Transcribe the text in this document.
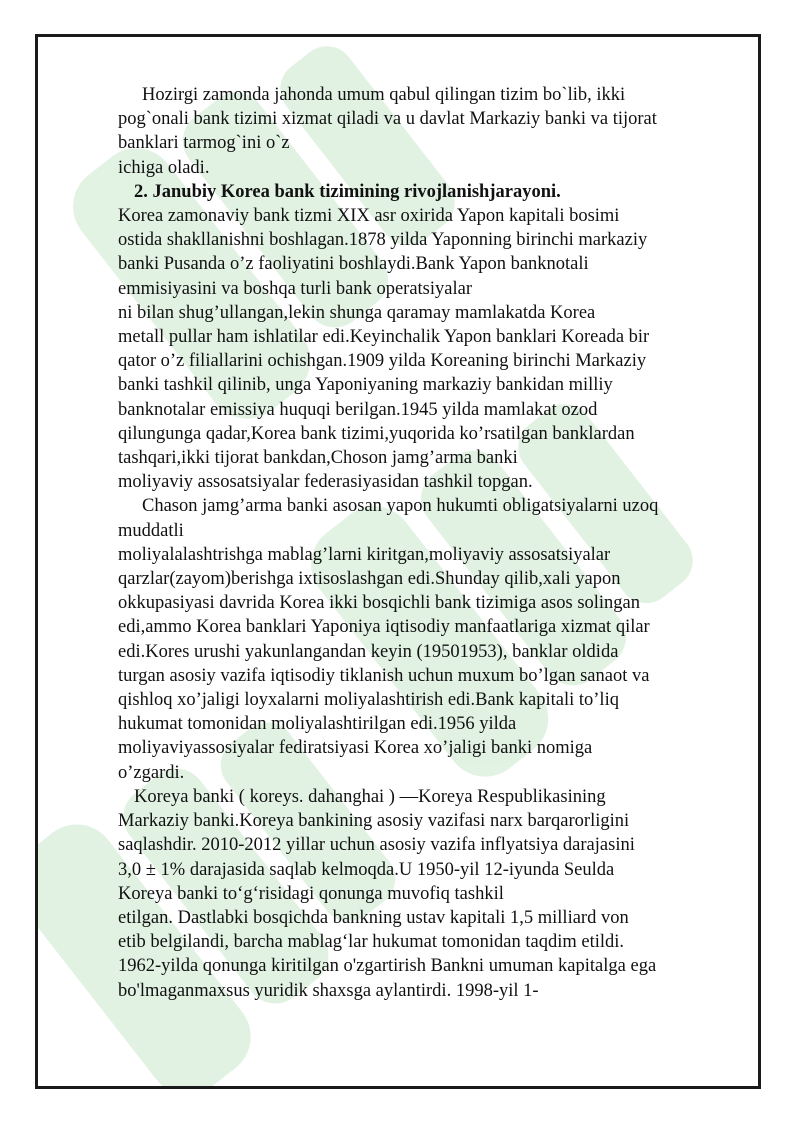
Hozirgi zamonda jahonda umum qabul qilingan tizim bo`lib, ikki
pog`onali bank tizimi xizmat qiladi va u davlat Markaziy banki va tijorat
banklari tarmog`ini o`z
ichiga oladi.
2. Janubiy Korea bank tizimining rivojlanishjarayoni.
Korea zamonaviy bank tizmi XIX asr oxirida Yapon kapitali bosimi
ostida shakllanishni boshlagan.1878 yilda Yaponning birinchi markaziy
banki Pusanda o’z faoliyatini boshlaydi.Bank Yapon banknotali
emmisiyasini va boshqa turli bank operatsiyalar
ni bilan shug’ullangan,lekin shunga qaramay mamlakatda Korea
metall pullar ham ishlatilar edi.Keyinchalik Yapon banklari Koreada bir
qator o’z filiallarini ochishgan.1909 yilda Koreaning birinchi Markaziy
banki tashkil qilinib, unga Yaponiyaning markaziy bankidan milliy
banknotalar emissiya huquqi berilgan.1945 yilda mamlakat ozod
qilungunga qadar,Korea bank tizimi,yuqorida ko’rsatilgan banklardan
tashqari,ikki tijorat bankdan,Choson jamg’arma banki
moliyaviy assosatsiyalar federasiyasidan tashkil topgan.
Chason jamg’arma banki asosan yapon hukumti obligatsiyalarni uzoq
muddatli
moliyalalashtrishga mablag’larni kiritgan,moliyaviy assosatsiyalar
qarzlar(zayom)berishga ixtisoslashgan edi.Shunday qilib,xali yapon
okkupasiyasi davrida Korea ikki bosqichli bank tizimiga asos solingan
edi,ammo Korea banklari Yaponiya iqtisodiy manfaatlariga xizmat qilar
edi.Kores urushi yakunlangandan keyin (19501953), banklar oldida
turgan asosiy vazifa iqtisodiy tiklanish uchun muxum bo’lgan sanaot va
qishloq xo’jaligi loyxalarni moliyalashtirish edi.Bank kapitali to’liq
hukumat tomonidan moliyalashtirilgan edi.1956 yilda
moliyaviyassosiyalar fediratsiyasi Korea xo’jaligi banki nomiga
o’zgardi.
Koreya banki ( koreys. dahanghai ) —Koreya Respublikasining
Markaziy banki.Koreya bankining asosiy vazifasi narx barqarorligini
saqlashdir. 2010-2012 yillar uchun asosiy vazifa inflyatsiya darajasini
3,0 ± 1% darajasida saqlab kelmoqda.U 1950-yil 12-iyunda Seulda
Koreya banki to‘g‘risidagi qonunga muvofiq tashkil
etilgan. Dastlabki bosqichda bankning ustav kapitali 1,5 milliard von
etib belgilandi, barcha mablag‘lar hukumat tomonidan taqdim etildi.
1962-yilda qonunga kiritilgan o'zgartirish Bankni umuman kapitalga ega
bo'lmaganmaxsus yuridik shaxsga aylantirdi. 1998-yil 1-
